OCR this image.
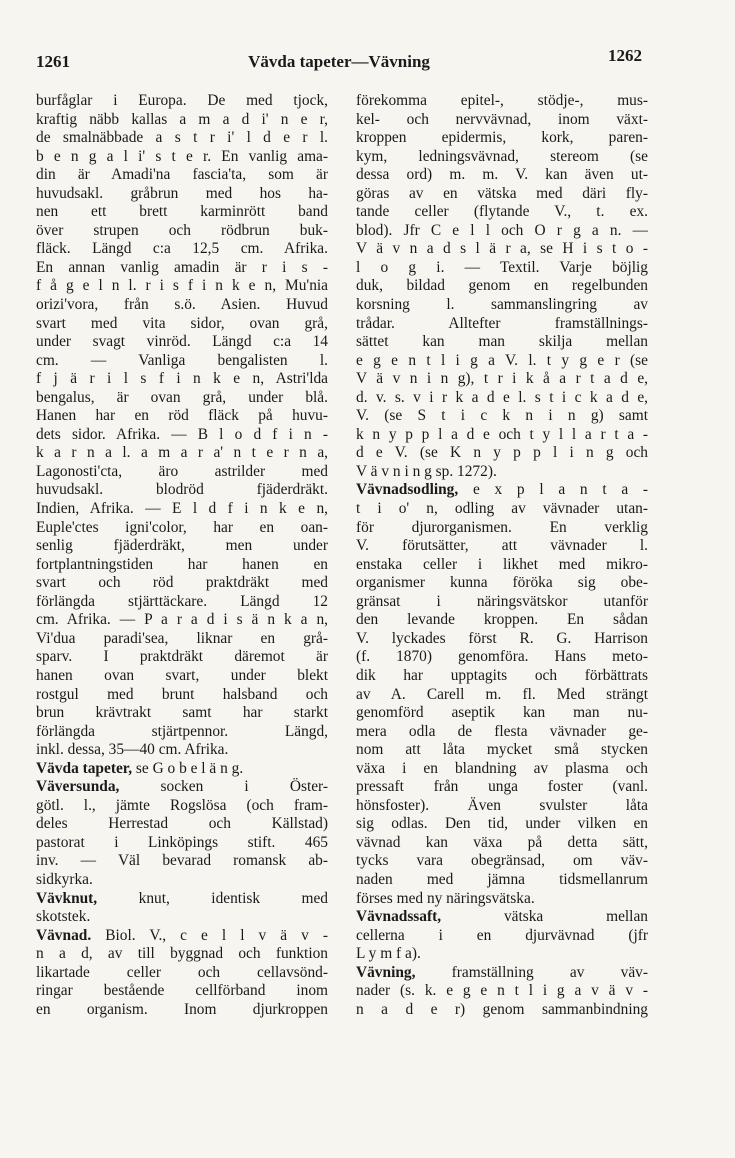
1261	Vävda tapeter—Vävning	1262
burfåglar i Europa. De med tjock,
kraftig näbb kallas a m a d i' n e r,
de smalnäbbade a s t r i' l d e r l.
b e n g a l i' s t e r. En vanlig ama-
din är Amadi'na fascia'ta, som är
huvudsakl. gråbrun med hos ha-
nen ett brett karminrött band
över strupen och rödbrun buk-
fläck. Längd c:a 12,5 cm. Afrika.
En annan vanlig amadin är r i s -
f å g e l n l. r i s f i n k e n, Mu'nia
orizi'vora, från s.ö. Asien. Huvud
svart med vita sidor, ovan grå,
under svagt vinröd. Längd c:a 14
cm. — Vanliga bengalisten l.
f j ä r i l s f i n k e n, Astri'lda
bengalus, är ovan grå, under blå.
Hanen har en röd fläck på huvu-
dets sidor. Afrika. — B l o d f i n -
k a r n a l. a m a r a' n t e r n a,
Lagonosti'cta, äro astrilder med
huvudsakl. blodröd fjäderdräkt.
Indien, Afrika. — E l d f i n k e n,
Euple'ctes igni'color, har en oan-
senlig fjäderdräkt, men under
fortplantningstiden har hanen en
svart och röd praktdräkt med
förlängda stjärttäckare. Längd 12
cm. Afrika. — P a r a d i s ä n k a n,
Vi'dua paradi'sea, liknar en grå-
sparv. I praktdräkt däremot är
hanen ovan svart, under blekt
rostgul med brunt halsband och
brun krävtrakt samt har starkt
förlängda stjärtpennor. Längd,
inkl. dessa, 35—40 cm. Afrika.
Vävda tapeter, se G o b e l ä n g.
Väversunda, socken i Öster-
götl. l., jämte Rogslösa (och fram-
deles Herrestad och Källstad)
pastorat i Linköpings stift. 465
inv. — Väl bevarad romansk ab-
sidkyrka.
Vävknut, knut, identisk med
skotstek.
Vävnad. Biol. V., c e l l v ä v -
n a d, av till byggnad och funktion
likartade celler och cellavsönd-
ringar bestående cellförband inom
en organism. Inom djurkroppen
förekomma epitel-, stödje-, mus-
kel- och nervvävnad, inom växt-
kroppen epidermis, kork, paren-
kym, ledningsvävnad, stereom (se
dessa ord) m. m. V. kan även ut-
göras av en vätska med däri fly-
tande celler (flytande V., t. ex.
blod). Jfr C e l l och O r g a n. —
V ä v n a d s l ä r a, se H i s t o -
l o g i. — Textil. Varje böjlig
duk, bildad genom en regelbunden
korsning l. sammanslingring av
trådar. Alltefter framställnings-
sättet kan man skilja mellan
e g e n t l i g a V. l. t y g e r (se
V ä v n i n g), t r i k å a r t a d e,
d. v. s. v i r k a d e l. s t i c k a d e,
V. (se S t i c k n i n g) samt
k n y p p l a d e och t y l l a r t a -
d e V. (se K n y p p l i n g och
V ä v n i n g sp. 1272).
Vävnadsodling, e x p l a n t a -
t i o' n, odling av vävnader utan-
för djurorganismen. En verklig
V. förutsätter, att vävnader l.
enstaka celler i likhet med mikro-
organismer kunna föröka sig obe-
gränsat i näringsvätskor utanför
den levande kroppen. En sådan
V. lyckades först R. G. Harrison
(f. 1870) genomföra. Hans meto-
dik har upptagits och förbättrats
av A. Carell m. fl. Med strängt
genomförd aseptik kan man nu-
mera odla de flesta vävnader ge-
nom att låta mycket små stycken
växa i en blandning av plasma och
pressaft från unga foster (vanl.
hönsfoster). Även svulster låta
sig odlas. Den tid, under vilken en
vävnad kan växa på detta sätt,
tycks vara obegränsad, om väv-
naden med jämna tidsmellanrum
förses med ny näringsvätska.
Vävnadssaft, vätska mellan
cellerna i en djurvävnad (jfr
L y m f a).
Vävning, framställning av väv-
nader (s. k. e g e n t l i g a v ä v -
n a d e r) genom sammanbindning
